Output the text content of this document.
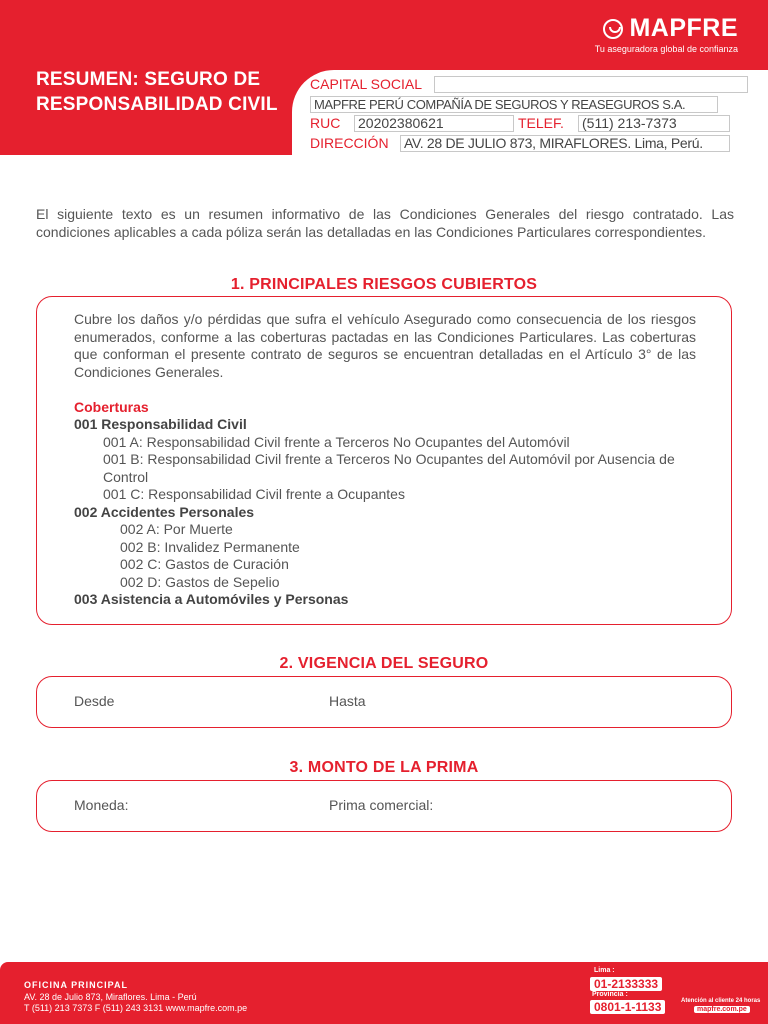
MAPFRE
Tu aseguradora global de confianza
RESUMEN: SEGURO DE RESPONSABILIDAD CIVIL
CAPITAL SOCIAL
MAPFRE PERÚ COMPAÑÍA DE SEGUROS Y REASEGUROS S.A.
RUC	20202380621	TELEF.	(511) 213-7373
DIRECCIÓN	AV. 28 DE JULIO 873, MIRAFLORES. Lima, Perú.

El siguiente texto es un resumen informativo de las Condiciones Generales del riesgo contratado. Las condiciones aplicables a cada póliza serán las detalladas en las Condiciones Particulares correspondientes.

1. PRINCIPALES RIESGOS CUBIERTOS

Cubre los daños y/o pérdidas que sufra el vehículo Asegurado como consecuencia de los riesgos enumerados, conforme a las coberturas pactadas en las Condiciones Particulares. Las coberturas que conforman el presente contrato de seguros se encuentran detalladas en el Artículo 3° de las Condiciones Generales.

Coberturas
001 Responsabilidad Civil
001 A: Responsabilidad Civil frente a Terceros No Ocupantes del Automóvil
001 B: Responsabilidad Civil frente a Terceros No Ocupantes del Automóvil por Ausencia de Control
001 C: Responsabilidad Civil frente a Ocupantes
002 Accidentes Personales
002 A: Por Muerte
002 B: Invalidez Permanente
002 C: Gastos de Curación
002 D: Gastos de Sepelio
003 Asistencia a Automóviles y Personas
2. VIGENCIA DEL SEGURO
Desde	Hasta
3. MONTO DE LA PRIMA
Moneda:	Prima comercial:
OFICINA PRINCIPAL
AV. 28 de Julio 873, Miraflores. Lima - Perú
T (511) 213 7373 F (511) 243 3131 www.mapfre.com.pe
Lima :
01-2133333
Provincia :
0801-1-1133	Atención al cliente 24 horas
mapfre.com.pe
